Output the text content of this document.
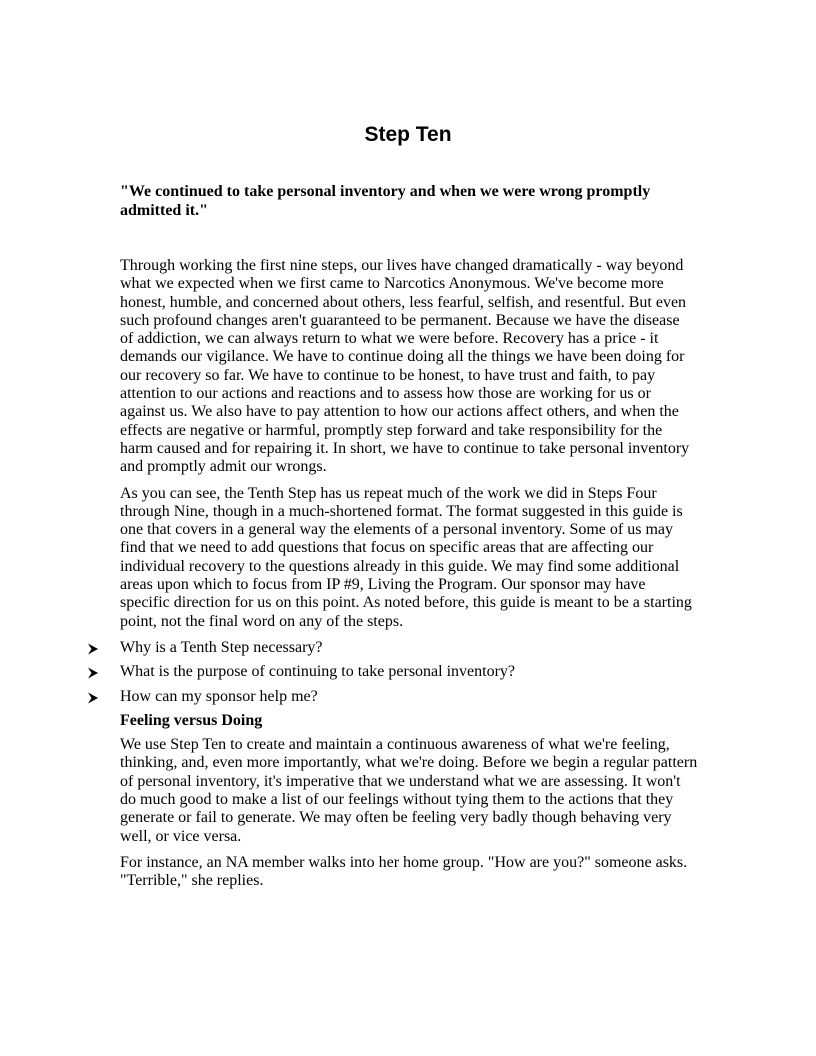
Step Ten

"We continued to take personal inventory and when we were wrong promptly admitted it."

Through working the first nine steps, our lives have changed dramatically - way beyond what we expected when we first came to Narcotics Anonymous. We've become more honest, humble, and concerned about others, less fearful, selfish, and resentful. But even such profound changes aren't guaranteed to be permanent. Because we have the disease of addiction, we can always return to what we were before. Recovery has a price - it demands our vigilance. We have to continue doing all the things we have been doing for our recovery so far. We have to continue to be honest, to have trust and faith, to pay attention to our actions and reactions and to assess how those are working for us or against us. We also have to pay attention to how our actions affect others, and when the effects are negative or harmful, promptly step forward and take responsibility for the harm caused and for repairing it. In short, we have to continue to take personal inventory and promptly admit our wrongs.

As you can see, the Tenth Step has us repeat much of the work we did in Steps Four through Nine, though in a much-shortened format. The format suggested in this guide is one that covers in a general way the elements of a personal inventory. Some of us may find that we need to add questions that focus on specific areas that are affecting our individual recovery to the questions already in this guide. We may find some additional areas upon which to focus from IP #9, Living the Program. Our sponsor may have specific direction for us on this point. As noted before, this guide is meant to be a starting point, not the final word on any of the steps.

Why is a Tenth Step necessary?
What is the purpose of continuing to take personal inventory?
How can my sponsor help me?

Feeling versus Doing

We use Step Ten to create and maintain a continuous awareness of what we're feeling, thinking, and, even more importantly, what we're doing. Before we begin a regular pattern of personal inventory, it's imperative that we understand what we are assessing. It won't do much good to make a list of our feelings without tying them to the actions that they generate or fail to generate. We may often be feeling very badly though behaving very well, or vice versa.

For instance, an NA member walks into her home group. "How are you?" someone asks. "Terrible," she replies.
